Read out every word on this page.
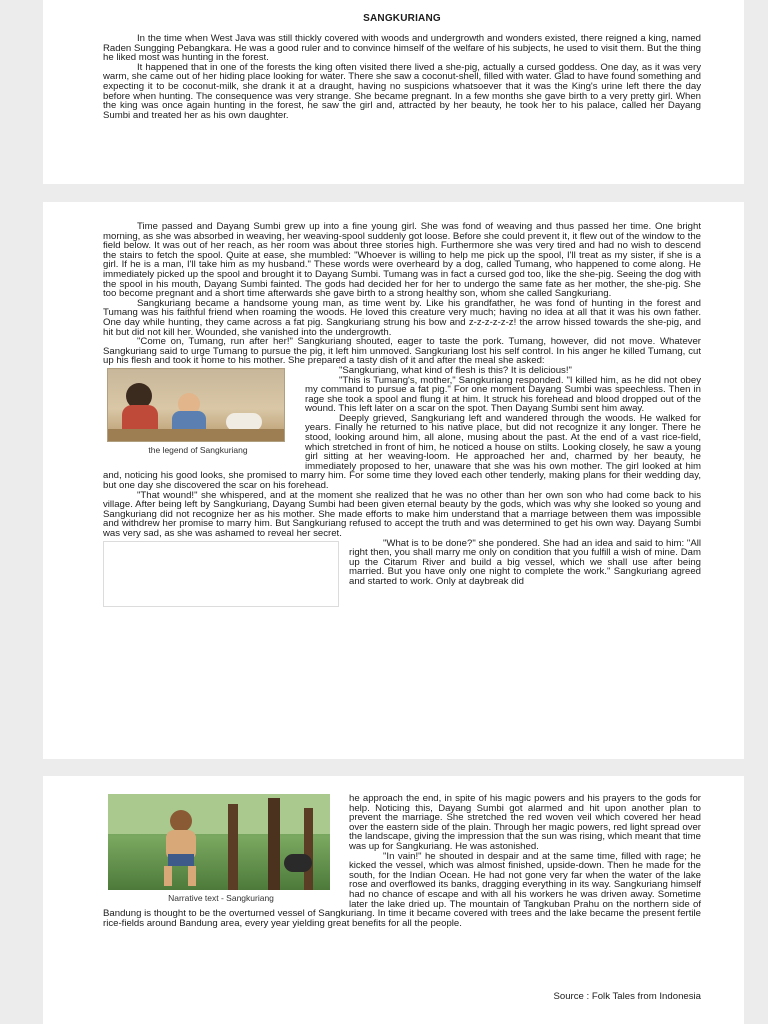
SANGKURIANG

In the time when West Java was still thickly covered with woods and undergrowth and wonders existed, there reigned a king, named Raden Sungging Pebangkara. He was a good ruler and to convince himself of the welfare of his subjects, he used to visit them. But the thing he liked most was hunting in the forest.

It happened that in one of the forests the king often visited there lived a she-pig, actually a cursed goddess. One day, as it was very warm, she came out of her hiding place looking for water. There she saw a coconut-shell, filled with water. Glad to have found something and expecting it to be coconut-milk, she drank it at a draught, having no suspicions whatsoever that it was the King's urine left there the day before when hunting. The consequence was very strange. She became pregnant. In a few months she gave birth to a very pretty girl. When the king was once again hunting in the forest, he saw the girl and, attracted by her beauty, he took her to his palace, called her Dayang Sumbi and treated her as his own daughter.

Time passed and Dayang Sumbi grew up into a fine young girl. She was fond of weaving and thus passed her time. One bright morning, as she was absorbed in weaving, her weaving-spool suddenly got loose. Before she could prevent it, it flew out of the window to the field below. It was out of her reach, as her room was about three stories high. Furthermore she was very tired and had no wish to descend the stairs to fetch the spool. Quite at ease, she mumbled: "Whoever is willing to help me pick up the spool, I'll treat as my sister, if she is a girl. If he is a man, I'll take him as my husband." These words were overheard by a dog, called Tumang, who happened to come along. He immediately picked up the spool and brought it to Dayang Sumbi. Tumang was in fact a cursed god too, like the she-pig. Seeing the dog with the spool in his mouth, Dayang Sumbi fainted. The gods had decided her for her to undergo the same fate as her mother, the she-pig. She too become pregnant and a short time afterwards she gave birth to a strong healthy son, whom she called Sangkuriang.

Sangkuriang became a handsome young man, as time went by. Like his grandfather, he was fond of hunting in the forest and Tumang was his faithful friend when roaming the woods. He loved this creature very much; having no idea at all that it was his own father. One day while hunting, they came across a fat pig. Sangkuriang strung his bow and z-z-z-z-z-z! the arrow hissed towards the she-pig, and hit but did not kill her. Wounded, she vanished into the undergrowth.

"Come on, Tumang, run after her!" Sangkuriang shouted, eager to taste the pork. Tumang, however, did not move. Whatever Sangkuriang said to urge Tumang to pursue the pig, it left him unmoved. Sangkuriang lost his self control. In his anger he killed Tumang, cut up his flesh and took it home to his mother. She prepared a tasty dish of it and after the meal she asked:

the legend of Sangkuriang

"Sangkuriang, what kind of flesh is this? It is delicious!"

"This is Tumang's, mother," Sangkuriang responded. "I killed him, as he did not obey my command to pursue a fat pig." For one moment Dayang Sumbi was speechless. Then in rage she took a spool and flung it at him. It struck his forehead and blood dropped out of the wound. This left later on a scar on the spot. Then Dayang Sumbi sent him away.

Deeply grieved, Sangkuriang left and wandered through the woods. He walked for years. Finally he returned to his native place, but did not recognize it any longer. There he stood, looking around him, all alone, musing about the past. At the end of a vast rice-field, which stretched in front of him, he noticed a house on stilts. Looking closely, he saw a young girl sitting at her weaving-loom. He approached her and, charmed by her beauty, he immediately proposed to her, unaware that she was his own mother. The girl looked at him and, noticing his good looks, she promised to marry him. For some time they loved each other tenderly, making plans for their wedding day, but one day she discovered the scar on his forehead.

"That wound!" she whispered, and at the moment she realized that he was no other than her own son who had come back to his village. After being left by Sangkuriang, Dayang Sumbi had been given eternal beauty by the gods, which was why she looked so young and Sangkuriang did not recognize her as his mother. She made efforts to make him understand that a marriage between them was impossible and withdrew her promise to marry him. But Sangkuriang refused to accept the truth and was determined to get his own way. Dayang Sumbi was very sad, as she was ashamed to reveal her secret.

"What is to be done?" she pondered. She had an idea and said to him: "All right then, you shall marry me only on condition that you fulfill a wish of mine. Dam up the Citarum River and build a big vessel, which we shall use after being married. But you have only one night to complete the work." Sangkuriang agreed and started to work. Only at daybreak did

Narrative text - Sangkuriang

he approach the end, in spite of his magic powers and his prayers to the gods for help. Noticing this, Dayang Sumbi got alarmed and hit upon another plan to prevent the marriage. She stretched the red woven veil which covered her head over the eastern side of the plain. Through her magic powers, red light spread over the landscape, giving the impression that the sun was rising, which meant that time was up for Sangkuriang. He was astonished.

"In vain!" he shouted in despair and at the same time, filled with rage; he kicked the vessel, which was almost finished, upside-down. Then he made for the south, for the Indian Ocean. He had not gone very far when the water of the lake rose and overflowed its banks, dragging everything in its way. Sangkuriang himself had no chance of escape and with all his workers he was driven away. Sometime later the lake dried up. The mountain of Tangkuban Prahu on the northern side of Bandung is thought to be the overturned vessel of Sangkuriang. In time it became covered with trees and the lake became the present fertile rice-fields around Bandung area, every year yielding great benefits for all the people.

Source : Folk Tales from Indonesia
